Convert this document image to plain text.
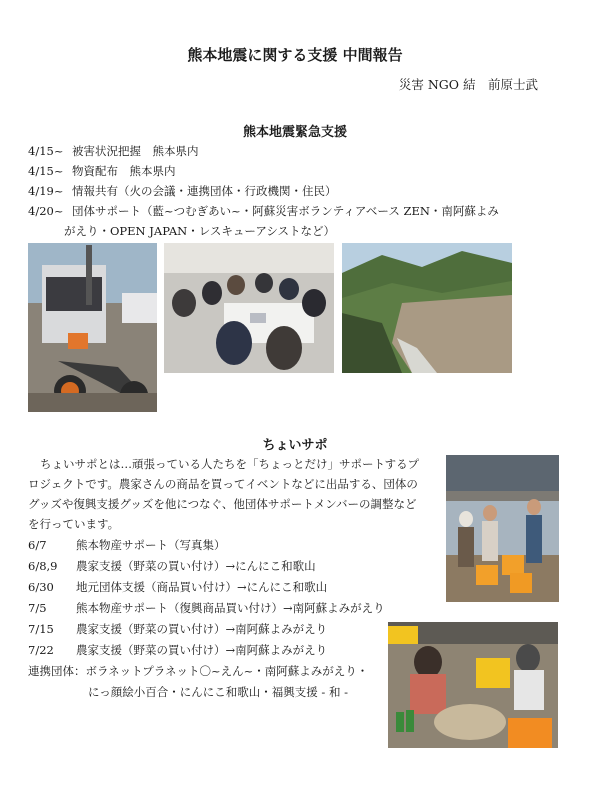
熊本地震に関する支援 中間報告
災害 NGO 結　前原士武
熊本地震緊急支援
4/15~ 被害状況把握　熊本県内
4/15~ 物資配布　熊本県内
4/19~ 情報共有（火の会議・連携団体・行政機関・住民）
4/20~ 団体サポート（藍~つむぎあい~・阿蘇災害ボランティアベース ZEN・南阿蘇よみ
がえり・OPEN JAPAN・レスキューアシストなど）
ちょいサポ
ちょいサポとは…頑張っている人たちを「ちょっとだけ」サポートするプ
ロジェクトです。農家さんの商品を買ってイベントなどに出品する、団体の
グッズや復興支援グッズを他につなぐ、他団体サポートメンバーの調整など
を行っています。
6/7	熊本物産サポート（写真集）
6/8,9 農家支援（野菜の買い付け）→にんにこ和歌山
6/30 地元団体支援（商品買い付け）→にんにこ和歌山
7/5	熊本物産サポート（復興商品買い付け）→南阿蘇よみがえり
7/15 農家支援（野菜の買い付け）→南阿蘇よみがえり
7/22 農家支援（野菜の買い付け）→南阿蘇よみがえり
連携団体：ボラネットプラネット〇~えん~・南阿蘇よみがえり・
にっ顔絵小百合・にんにこ和歌山・福興支援 - 和 -
